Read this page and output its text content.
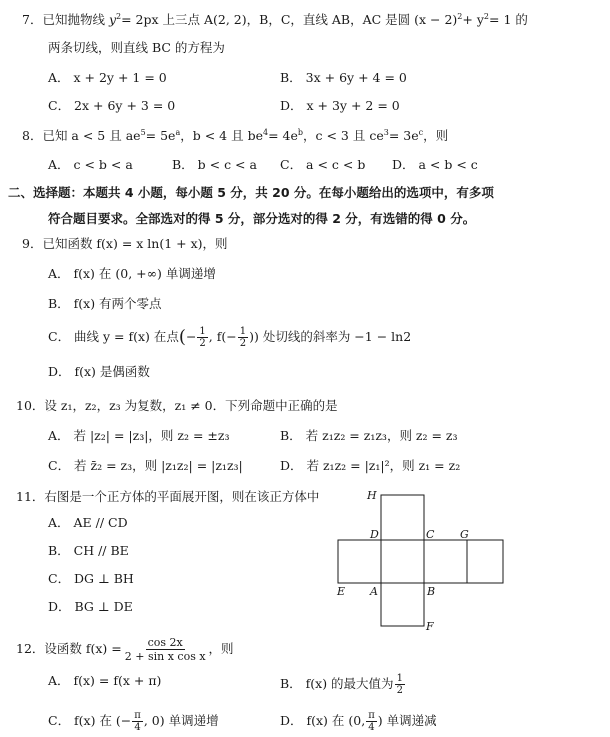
7．已知抛物线 $y^2= 2px$ 上三点 A(2, 2)，B，C，直线 AB，AC 是圆 $(x - 2)^2+ y^2= 1$ 的
两条切线，则直线 BC 的方程为
A． x + 2y + 1 = 0	B． 3x + 6y + 4 = 0
C． 2x + 6y + 3 = 0	D． x + 3y + 2 = 0
8．已知 a < 5 且 $ae^5= 5e^a$，b < 4 且 $be^4= 4e^b$，c < 3 且 $ce^3= 3e^c$，则
A． c < b < a	B． b < c < a C． a < c < b D． a < b < c
二、选择题：本题共 4 小题，每小题 5 分，共 20 分。在每小题给出的选项中，有多项
符合题目要求。全部选对的得 5 分，部分选对的得 2 分，有选错的得 0 分。
9．已知函数 f(x) = x ln(1 + x)，则
A． f(x) 在 (0, +∞) 单调递增
B． f(x) 有两个零点
C． 曲线 y = f(x) 在点(− $\frac{1}{2}$ , $f(- \frac{1}{2}$ )) 处切线的斜率为 −1 − ln2
D． f(x) 是偶函数
10．设 z₁，z₂，z₃ 为复数，z₁ ≠ 0．下列命题中正确的是
A． 若 |z₂| = |z₃|，则 z₂ = ±z₃	B． 若 z₁z₂ = z₁z₃，则 z₂ = z₃
C． 若 z̄₂ = z₃，则 |z₁z₂| = |z₁z₃|	D． 若 z₁z₂ = |z₁|²，则 z₁ = z₂
11．右图是一个正方体的平面展开图，则在该正方体中
A． AE // CD
B． CH // BE
C． DG ⊥ BH
D． BG ⊥ DE
H
D	C G
E A	B
F
12．设函数 $f(x) = \frac{\cos 2x}{\text{2 + sin x cos x}}$ ，则
A． f(x) = f(x + π)	B． f(x) 的最大值为 $\frac{1}{2}$
C． f(x) 在 (− $\frac{\pi}{4}$ , 0) 单调递增	D． f(x) 在 (0, $\frac{\pi}{4}$ ) 单调递减
